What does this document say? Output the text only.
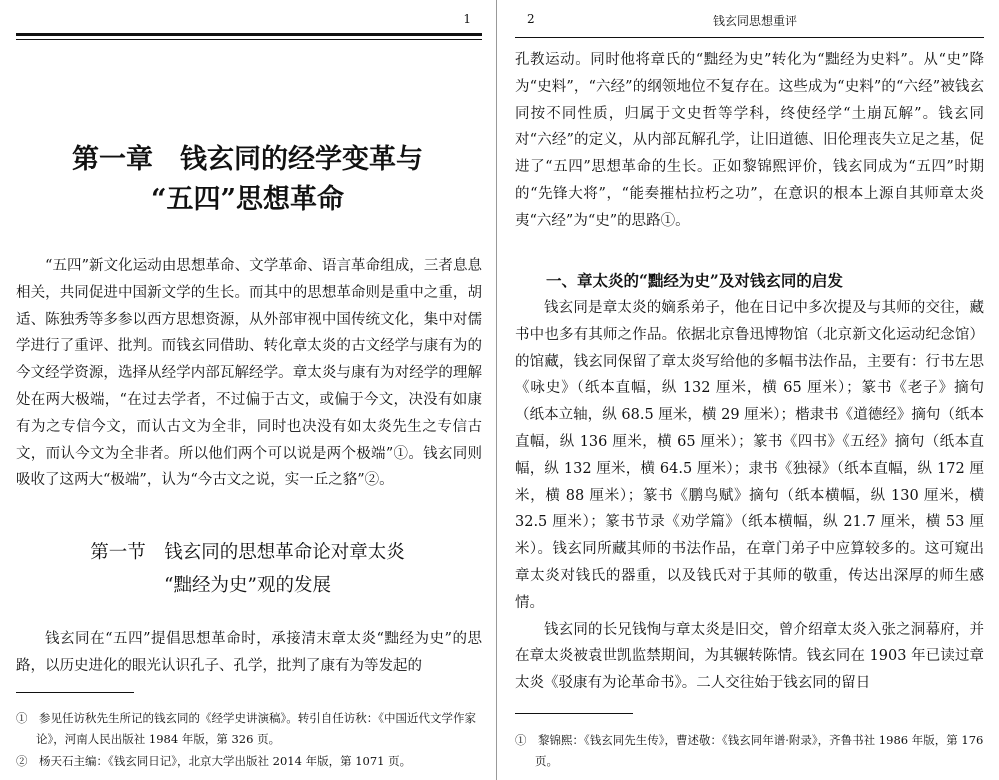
1
第一章　钱玄同的经学变革与
“五四”思想革命

“五四”新文化运动由思想革命、文学革命、语言革命组成，三者息息相关，共同促进中国新文学的生长。而其中的思想革命则是重中之重，胡适、陈独秀等多参以西方思想资源，从外部审视中国传统文化，集中对儒学进行了重评、批判。而钱玄同借助、转化章太炎的古文经学与康有为的今文经学资源，选择从经学内部瓦解经学。章太炎与康有为对经学的理解处在两大极端，“在过去学者，不过偏于古文，或偏于今文，决没有如康有为之专信今文，而认古文为全非，同时也决没有如太炎先生之专信古文，而认今文为全非者。所以他们两个可以说是两个极端”①。钱玄同则吸收了这两大“极端”，认为“今古文之说，实一丘之貉”②。

第一节　钱玄同的思想革命论对章太炎
“黜经为史”观的发展

钱玄同在“五四”提倡思想革命时，承接清末章太炎“黜经为史”的思路，以历史进化的眼光认识孔子、孔学，批判了康有为等发起的

①　参见任访秋先生所记的钱玄同的《经学史讲演稿》。转引自任访秋：《中国近代文学作家论》，河南人民出版社 1984 年版，第 326 页。
②　杨天石主编：《钱玄同日记》，北京大学出版社 2014 年版，第 1071 页。
2	钱玄同思想重评

孔教运动。同时他将章氏的“黜经为史”转化为“黜经为史料”。从“史”降为“史料”，“六经”的纲领地位不复存在。这些成为“史料”的“六经”被钱玄同按不同性质，归属于文史哲等学科，终使经学“土崩瓦解”。钱玄同对“六经”的定义，从内部瓦解孔学，让旧道德、旧伦理丧失立足之基，促进了“五四”思想革命的生长。正如黎锦熙评价，钱玄同成为“五四”时期的“先锋大将”，“能奏摧枯拉朽之功”，在意识的根本上源自其师章太炎夷“六经”为“史”的思路①。

一、章太炎的“黜经为史”及对钱玄同的启发

钱玄同是章太炎的嫡系弟子，他在日记中多次提及与其师的交往，藏书中也多有其师之作品。依据北京鲁迅博物馆（北京新文化运动纪念馆）的馆藏，钱玄同保留了章太炎写给他的多幅书法作品，主要有：行书左思《咏史》（纸本直幅，纵 132 厘米，横 65 厘米）；篆书《老子》摘句（纸本立轴，纵 68.5 厘米，横 29 厘米）；楷隶书《道德经》摘句（纸本直幅，纵 136 厘米，横 65 厘米）；篆书《四书》《五经》摘句（纸本直幅，纵 132 厘米，横 64.5 厘米）；隶书《独禄》（纸本直幅，纵 172 厘米，横 88 厘米）；篆书《鹏鸟赋》摘句（纸本横幅，纵 130 厘米，横 32.5 厘米）；篆书节录《劝学篇》（纸本横幅，纵 21.7 厘米，横 53 厘米）。钱玄同所藏其师的书法作品，在章门弟子中应算较多的。这可窥出章太炎对钱氏的器重，以及钱氏对于其师的敬重，传达出深厚的师生感情。

钱玄同的长兄钱恂与章太炎是旧交，曾介绍章太炎入张之洞幕府，并在章太炎被袁世凯监禁期间，为其辗转陈情。钱玄同在 1903 年已读过章太炎《驳康有为论革命书》。二人交往始于钱玄同的留日

①　黎锦熙：《钱玄同先生传》，曹述敬：《钱玄同年谱·附录》，齐鲁书社 1986 年版，第 176 页。
